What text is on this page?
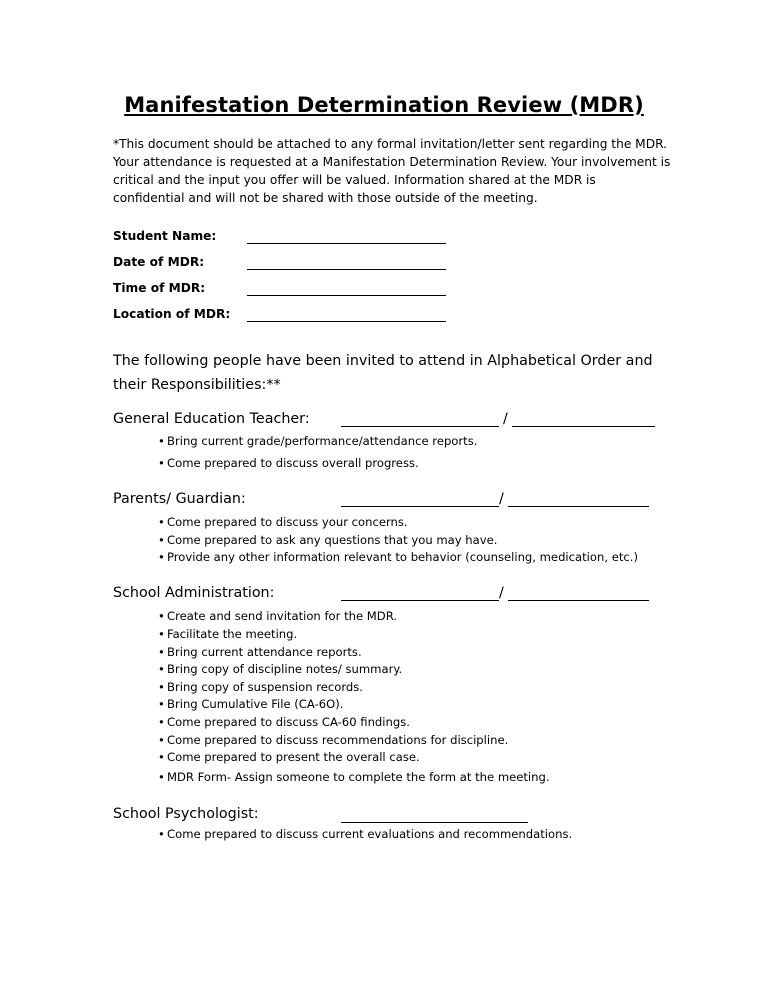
Manifestation Determination Review (MDR)

*This document should be attached to any formal invitation/letter sent regarding the MDR.

Your attendance is requested at a Manifestation Determination Review. Your involvement is

critical and the input you offer will be valued. Information shared at the MDR is

confidential and will not be shared with those outside of the meeting.

Student Name:
Date of MDR:
Time of MDR:
Location of MDR:
The following people have been invited to attend in Alphabetical Order and
their Responsibilities:**
General Education Teacher:	/
• Bring current grade/performance/attendance reports.
• Come prepared to discuss overall progress.
Parents/ Guardian:	/
• Come prepared to discuss your concerns.
• Come prepared to ask any questions that you may have.
• Provide any other information relevant to behavior (counseling, medication, etc.)
School Administration:	/
• Create and send invitation for the MDR.
• Facilitate the meeting.
• Bring current attendance reports.
• Bring copy of discipline notes/ summary.
• Bring copy of suspension records.
• Bring Cumulative File (CA-6O).
• Come prepared to discuss CA-60 findings.
• Come prepared to discuss recommendations for discipline.
• Come prepared to present the overall case.
• MDR Form- Assign someone to complete the form at the meeting.
School Psychologist:
• Come prepared to discuss current evaluations and recommendations.
